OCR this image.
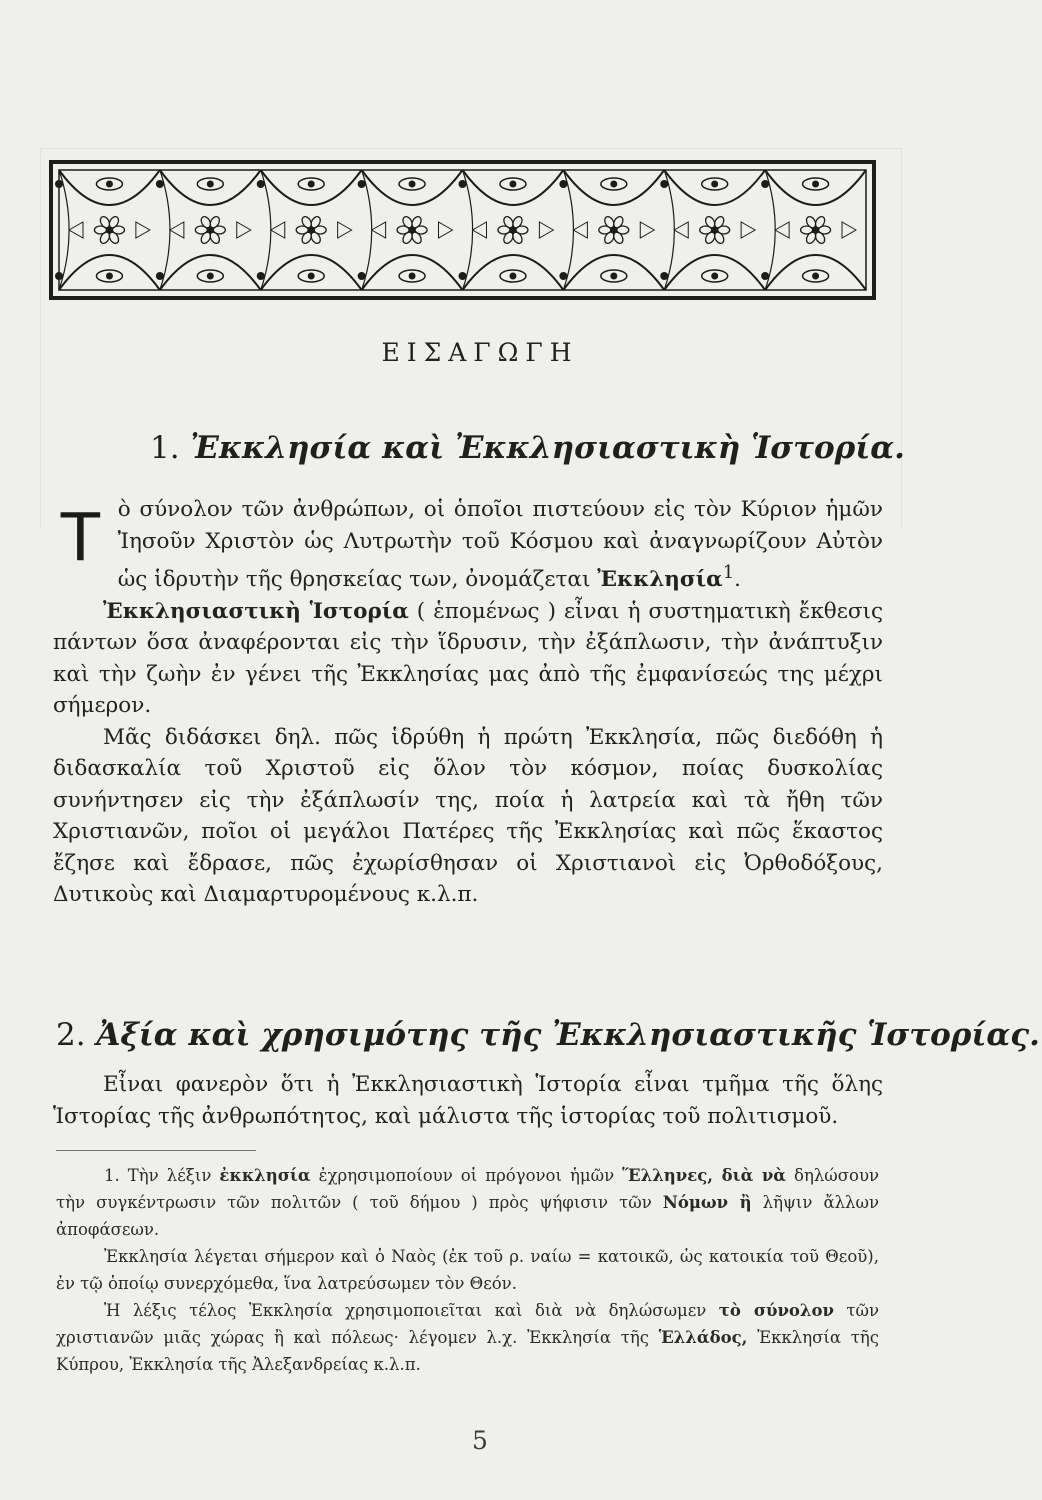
ΕΙΣΑΓΩΓΗ
1. Ἐκκλησία καὶ Ἐκκλησιαστικὴ Ἱστορία.

Τὸ σύνολον τῶν ἀνθρώπων, οἱ ὁποῖοι πιστεύουν εἰς τὸν Κύριον ἡμῶν Ἰησοῦν Χριστὸν ὡς Λυτρωτὴν τοῦ Κόσμου καὶ ἀναγνωρίζουν Αὐτὸν ὡς ἱδρυτὴν τῆς θρησκείας των, ὀνομάζεται Ἐκκλησία$^1$.

Ἐκκλησιαστικὴ Ἱστορία ( ἑπομένως ) εἶναι ἡ συστηματικὴ ἔκθεσις πάντων ὅσα ἀναφέρονται εἰς τὴν ἵδρυσιν, τὴν ἐξάπλωσιν, τὴν ἀνάπτυξιν καὶ τὴν ζωὴν ἐν γένει τῆς Ἐκκλησίας μας ἀπὸ τῆς ἐμφανίσεώς της μέχρι σήμερον.

Μᾶς διδάσκει δηλ. πῶς ἱδρύθη ἡ πρώτη Ἐκκλησία, πῶς διεδόθη ἡ διδασκαλία τοῦ Χριστοῦ εἰς ὅλον τὸν κόσμον, ποίας δυσκολίας συνήντησεν εἰς τὴν ἐξάπλωσίν της, ποία ἡ λατρεία καὶ τὰ ἤθη τῶν Χριστιανῶν, ποῖοι οἱ μεγάλοι Πατέρες τῆς Ἐκκλησίας καὶ πῶς ἕκαστος ἔζησε καὶ ἔδρασε, πῶς ἐχωρίσθησαν οἱ Χριστιανοὶ εἰς Ὀρθοδόξους, Δυτικοὺς καὶ Διαμαρτυρομένους κ.λ.π.

2. Ἀξία καὶ χρησιμότης τῆς Ἐκκλησιαστικῆς Ἱστορίας.

Εἶναι φανερὸν ὅτι ἡ Ἐκκλησιαστικὴ Ἱστορία εἶναι τμῆμα τῆς ὅλης Ἱστορίας τῆς ἀνθρωπότητος, καὶ μάλιστα τῆς ἱστορίας τοῦ πολιτισμοῦ.

1. Τὴν λέξιν ἐκκλησία ἐχρησιμοποίουν οἱ πρόγονοι ἡμῶν Ἕλληνες, διὰ νὰ δηλώσουν τὴν συγκέντρωσιν τῶν πολιτῶν ( τοῦ δήμου ) πρὸς ψήφισιν τῶν Νόμων ἢ λῆψιν ἄλλων ἀποφάσεων.

Ἐκκλησία λέγεται σήμερον καὶ ὁ Ναὸς (ἐκ τοῦ ρ. ναίω = κατοικῶ, ὡς κατοικία τοῦ Θεοῦ), ἐν τῷ ὁποίῳ συνερχόμεθα, ἵνα λατρεύσωμεν τὸν Θεόν.

Ἡ λέξις τέλος Ἐκκλησία χρησιμοποιεῖται καὶ διὰ νὰ δηλώσωμεν τὸ σύνολον τῶν χριστιανῶν μιᾶς χώρας ἢ καὶ πόλεως· λέγομεν λ.χ. Ἐκκλησία τῆς Ἑλλάδος, Ἐκκλησία τῆς Κύπρου, Ἐκκλησία τῆς Ἀλεξανδρείας κ.λ.π.

5
